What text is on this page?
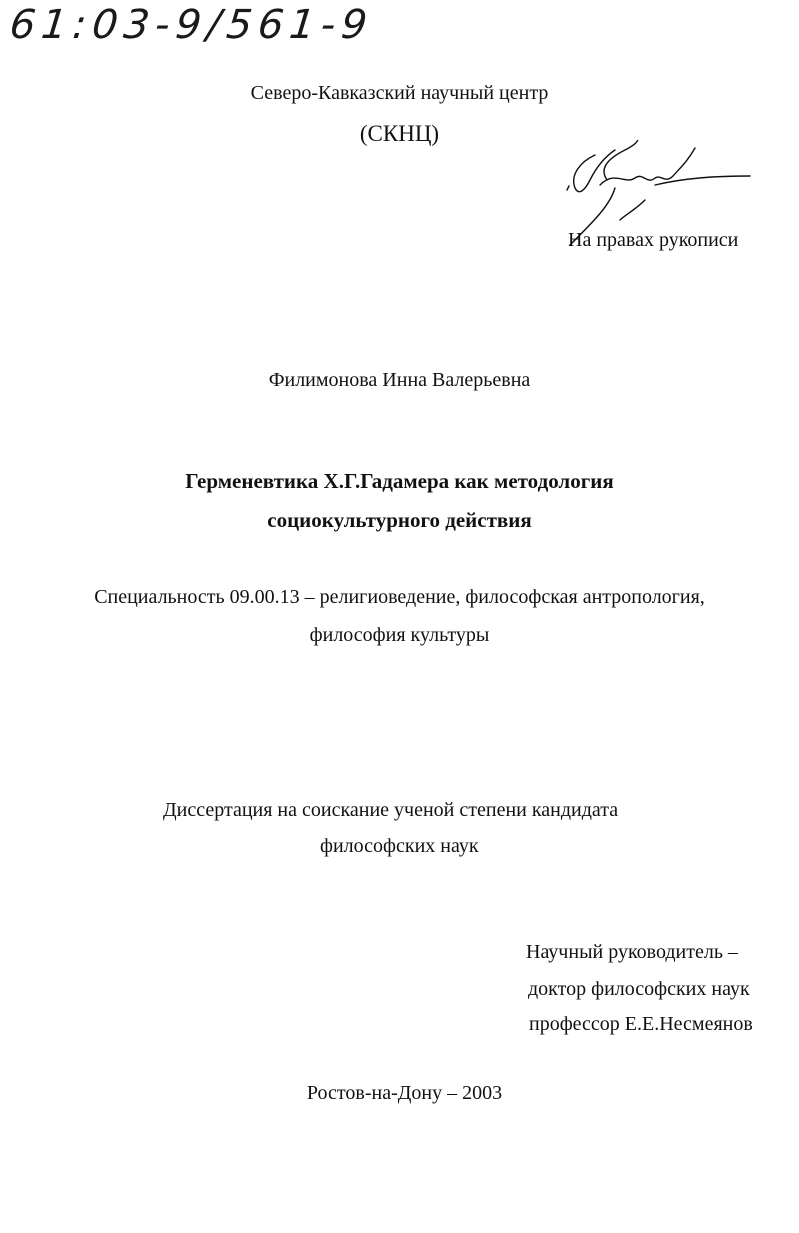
61:03-9/561-9
Северо-Кавказский научный центр
(СКНЦ)
На правах рукописи
Филимонова Инна Валерьевна
Герменевтика Х.Г.Гадамера как методология
социокультурного действия
Специальность 09.00.13 – религиоведение, философская антропология,
философия культуры
Диссертация на соискание ученой степени кандидата
философских наук
Научный руководитель –
доктор философских наук
профессор Е.Е.Несмеянов
Ростов-на-Дону – 2003
